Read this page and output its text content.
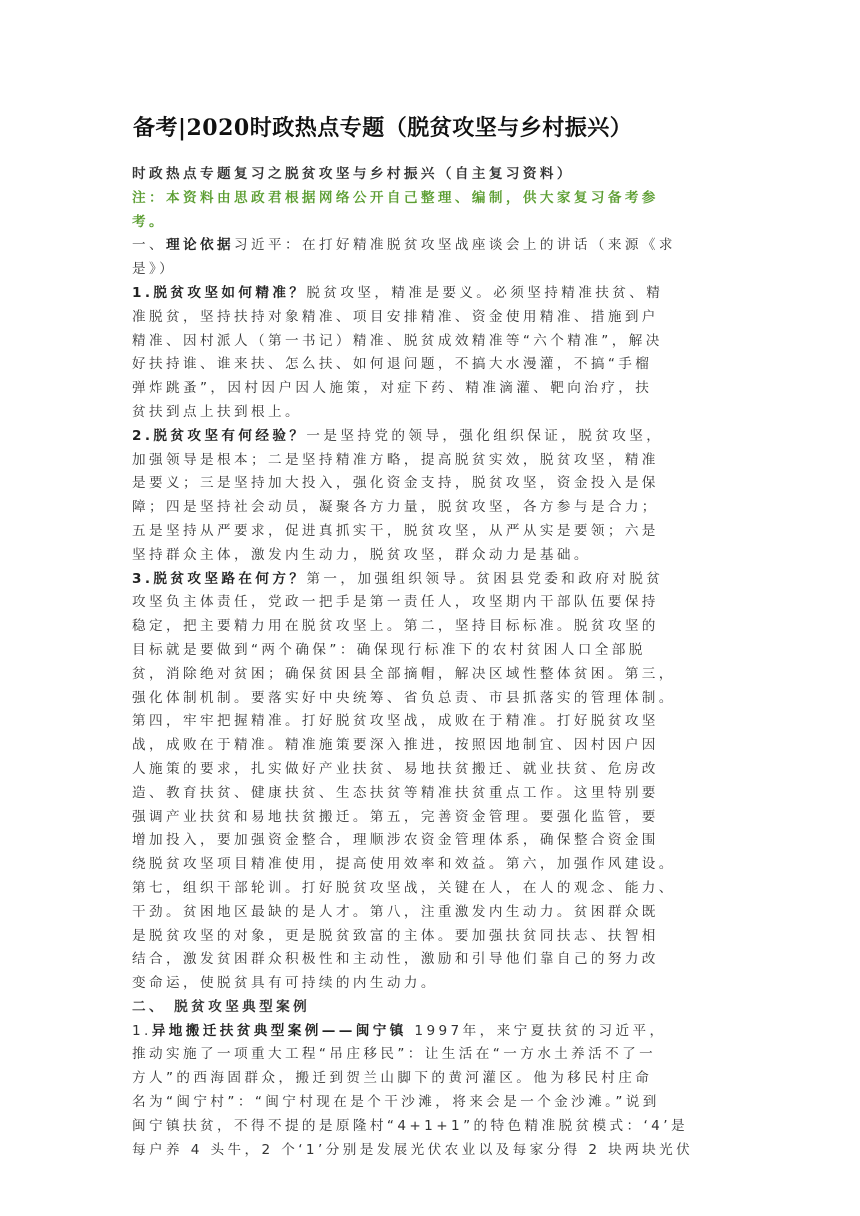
备考|2020时政热点专题（脱贫攻坚与乡村振兴）
时政热点专题复习之脱贫攻坚与乡村振兴（自主复习资料）
注：本资料由思政君根据网络公开自己整理、编制，供大家复习备考参
考。
一、理论依据习近平：在打好精准脱贫攻坚战座谈会上的讲话（来源《求
是》）
1.脱贫攻坚如何精准？脱贫攻坚，精准是要义。必须坚持精准扶贫、精
准脱贫，坚持扶持对象精准、项目安排精准、资金使用精准、措施到户
精准、因村派人（第一书记）精准、脱贫成效精准等“六个精准”，解决
好扶持谁、谁来扶、怎么扶、如何退问题，不搞大水漫灌，不搞“手榴
弹炸跳蚤”，因村因户因人施策，对症下药、精准滴灌、靶向治疗，扶
贫扶到点上扶到根上。
2.脱贫攻坚有何经验？一是坚持党的领导，强化组织保证，脱贫攻坚，
加强领导是根本；二是坚持精准方略，提高脱贫实效，脱贫攻坚，精准
是要义；三是坚持加大投入，强化资金支持，脱贫攻坚，资金投入是保
障；四是坚持社会动员，凝聚各方力量，脱贫攻坚，各方参与是合力；
五是坚持从严要求，促进真抓实干，脱贫攻坚，从严从实是要领；六是
坚持群众主体，激发内生动力，脱贫攻坚，群众动力是基础。
3.脱贫攻坚路在何方？第一，加强组织领导。贫困县党委和政府对脱贫
攻坚负主体责任，党政一把手是第一责任人，攻坚期内干部队伍要保持
稳定，把主要精力用在脱贫攻坚上。第二，坚持目标标准。脱贫攻坚的
目标就是要做到“两个确保”：确保现行标准下的农村贫困人口全部脱
贫，消除绝对贫困；确保贫困县全部摘帽，解决区域性整体贫困。第三，
强化体制机制。要落实好中央统筹、省负总责、市县抓落实的管理体制。
第四，牢牢把握精准。打好脱贫攻坚战，成败在于精准。打好脱贫攻坚
战，成败在于精准。精准施策要深入推进，按照因地制宜、因村因户因
人施策的要求，扎实做好产业扶贫、易地扶贫搬迁、就业扶贫、危房改
造、教育扶贫、健康扶贫、生态扶贫等精准扶贫重点工作。这里特别要
强调产业扶贫和易地扶贫搬迁。第五，完善资金管理。要强化监管，要
增加投入，要加强资金整合，理顺涉农资金管理体系，确保整合资金围
绕脱贫攻坚项目精准使用，提高使用效率和效益。第六，加强作风建设。
第七，组织干部轮训。打好脱贫攻坚战，关键在人，在人的观念、能力、
干劲。贫困地区最缺的是人才。第八，注重激发内生动力。贫困群众既
是脱贫攻坚的对象，更是脱贫致富的主体。要加强扶贫同扶志、扶智相
结合，激发贫困群众积极性和主动性，激励和引导他们靠自己的努力改
变命运，使脱贫具有可持续的内生动力。
二、 脱贫攻坚典型案例
1.异地搬迁扶贫典型案例——闽宁镇 1997年，来宁夏扶贫的习近平，
推动实施了一项重大工程“吊庄移民”：让生活在“一方水土养活不了一
方人”的西海固群众，搬迁到贺兰山脚下的黄河灌区。他为移民村庄命
名为“闽宁村”：“闽宁村现在是个干沙滩，将来会是一个金沙滩。”说到
闽宁镇扶贫，不得不提的是原隆村“4+1+1”的特色精准脱贫模式：‘4’是
每户养 4 头牛，2 个‘1’分别是发展光伏农业以及每家分得 2 块两块光伏
